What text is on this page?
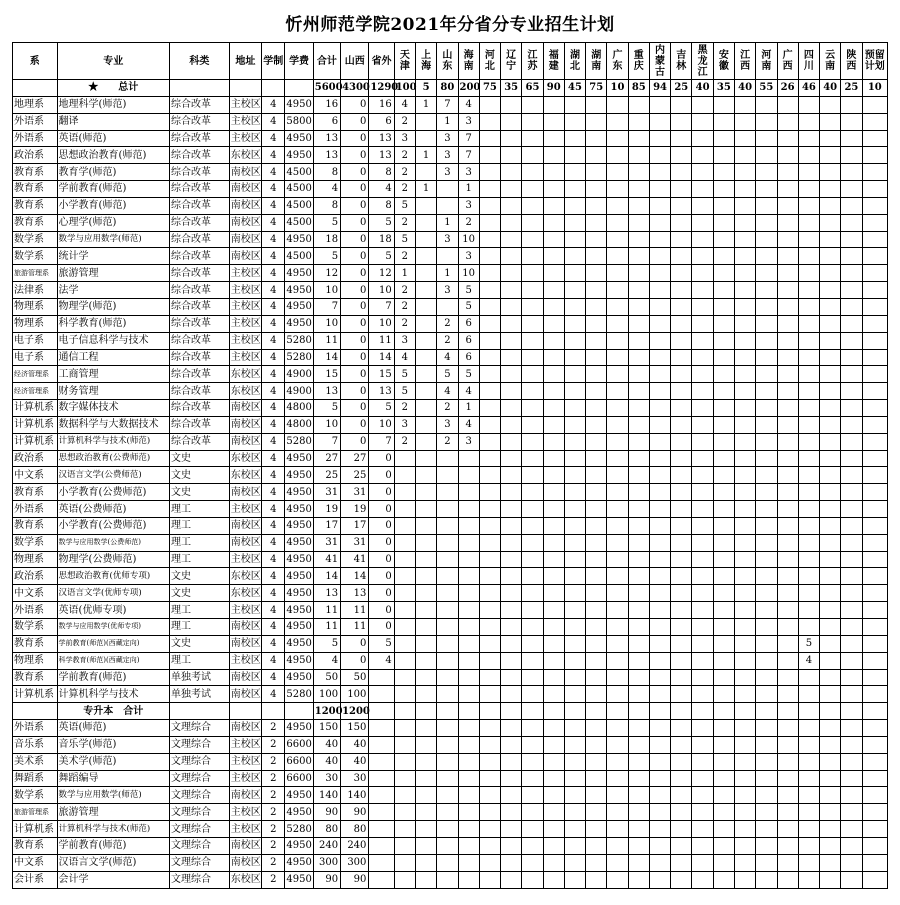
忻州师范学院2021年分省分专业招生计划
系	专业	科类	地址	学制	学费	合计	山西	省外	天津	上海	山东	海南	河北	辽宁	江苏	福建	湖北	湖南	广东	重庆	内蒙古	吉林	黑龙江	安徽	江西	河南	广西	四川	云南	陕西	预留计划
	★　　总计					5600	4300	1290	100	5	80	200	75	35	65	90	45	75	10	85	94	25	40	35	40	55	26	46	40	25	10
地理系	地理科学(师范)	综合改革	主校区	4	4950	16	0	16	4	1	7	4																			
外语系	翻译	综合改革	主校区	4	5800	6	0	6	2		1	3																			
外语系	英语(师范)	综合改革	主校区	4	4950	13	0	13	3		3	7																			
政治系	思想政治教育(师范)	综合改革	东校区	4	4950	13	0	13	2	1	3	7																			
教育系	教育学(师范)	综合改革	南校区	4	4500	8	0	8	2		3	3																			
教育系	学前教育(师范)	综合改革	南校区	4	4500	4	0	4	2	1		1																			
教育系	小学教育(师范)	综合改革	南校区	4	4500	8	0	8	5			3																			
教育系	心理学(师范)	综合改革	南校区	4	4500	5	0	5	2		1	2																			
数学系	数学与应用数学(师范)	综合改革	南校区	4	4950	18	0	18	5		3	10																			
数学系	统计学	综合改革	南校区	4	4500	5	0	5	2			3																			
旅游管理系	旅游管理	综合改革	主校区	4	4950	12	0	12	1		1	10																			
法律系	法学	综合改革	主校区	4	4950	10	0	10	2		3	5																			
物理系	物理学(师范)	综合改革	主校区	4	4950	7	0	7	2			5																			
物理系	科学教育(师范)	综合改革	主校区	4	4950	10	0	10	2		2	6																			
电子系	电子信息科学与技术	综合改革	主校区	4	5280	11	0	11	3		2	6																			
电子系	通信工程	综合改革	主校区	4	5280	14	0	14	4		4	6																			
经济管理系	工商管理	综合改革	东校区	4	4900	15	0	15	5		5	5																			
经济管理系	财务管理	综合改革	东校区	4	4900	13	0	13	5		4	4																			
计算机系	数字媒体技术	综合改革	南校区	4	4800	5	0	5	2		2	1																			
计算机系	数据科学与大数据技术	综合改革	南校区	4	4800	10	0	10	3		3	4																			
计算机系	计算机科学与技术(师范)	综合改革	南校区	4	5280	7	0	7	2		2	3																			
政治系	思想政治教育(公费师范)	文史	东校区	4	4950	27	27	0																							
中文系	汉语言文学(公费师范)	文史	东校区	4	4950	25	25	0																							
教育系	小学教育(公费师范)	文史	南校区	4	4950	31	31	0																							
外语系	英语(公费师范)	理工	主校区	4	4950	19	19	0																							
教育系	小学教育(公费师范)	理工	南校区	4	4950	17	17	0																							
数学系	数学与应用数学(公费师范)	理工	南校区	4	4950	31	31	0																							
物理系	物理学(公费师范)	理工	主校区	4	4950	41	41	0																							
政治系	思想政治教育(优师专项)	文史	东校区	4	4950	14	14	0																							
中文系	汉语言文学(优师专项)	文史	东校区	4	4950	13	13	0																							
外语系	英语(优师专项)	理工	主校区	4	4950	11	11	0																							
数学系	数学与应用数学(优师专项)	理工	南校区	4	4950	11	11	0																							
教育系	学前教育(师范)(西藏定向)	文史	南校区	4	4950	5	0	5																				5			
物理系	科学教育(师范)(西藏定向)	理工	主校区	4	4950	4	0	4																				4			
教育系	学前教育(师范)	单独考试	南校区	4	4950	50	50																								
计算机系	计算机科学与技术	单独考试	南校区	4	5280	100	100																								
	专升本　合计					1200	1200																								
外语系	英语(师范)	文理综合	南校区	2	4950	150	150																								
音乐系	音乐学(师范)	文理综合	主校区	2	6600	40	40																								
美术系	美术学(师范)	文理综合	主校区	2	6600	40	40																								
舞蹈系	舞蹈编导	文理综合	主校区	2	6600	30	30																								
数学系	数学与应用数学(师范)	文理综合	南校区	2	4950	140	140																								
旅游管理系	旅游管理	文理综合	主校区	2	4950	90	90																								
计算机系	计算机科学与技术(师范)	文理综合	主校区	2	5280	80	80																								
教育系	学前教育(师范)	文理综合	南校区	2	4950	240	240																								
中文系	汉语言文学(师范)	文理综合	南校区	2	4950	300	300																								
会计系	会计学	文理综合	东校区	2	4950	90	90																								
